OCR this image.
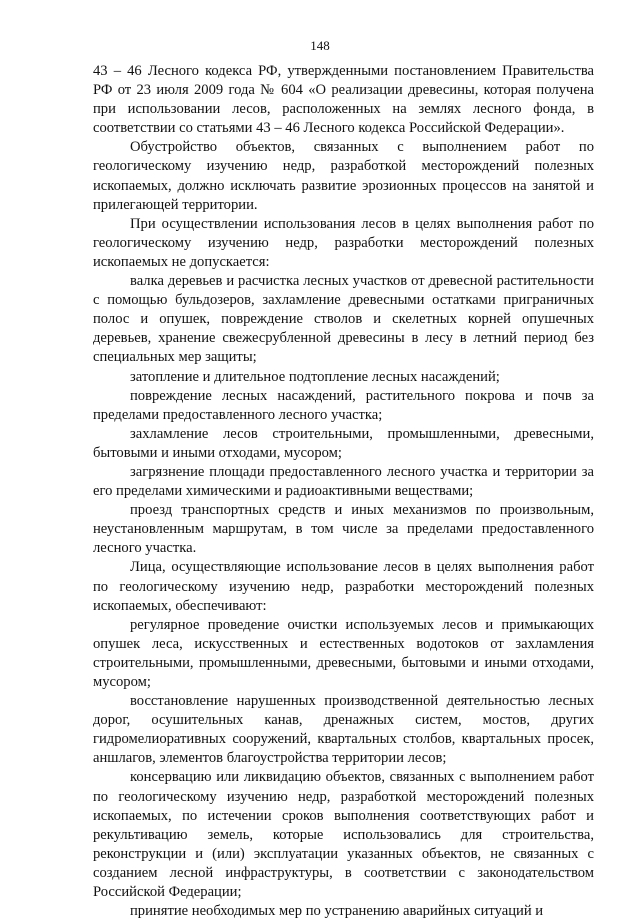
148

43 – 46 Лесного кодекса РФ, утвержденными постановлением Правительства РФ от 23 июля 2009 года № 604 «О реализации древесины, которая получена при использовании лесов, расположенных на землях лесного фонда, в соответствии со статьями 43 – 46 Лесного кодекса Российской Федерации».

Обустройство объектов, связанных с выполнением работ по геологическому изучению недр, разработкой месторождений полезных ископаемых, должно исключать развитие эрозионных процессов на занятой и прилегающей территории.

При осуществлении использования лесов в целях выполнения работ по геологическому изучению недр, разработки месторождений полезных ископаемых не допускается:

валка деревьев и расчистка лесных участков от древесной растительности с помощью бульдозеров, захламление древесными остатками приграничных полос и опушек, повреждение стволов и скелетных корней опушечных деревьев, хранение свежесрубленной древесины в лесу в летний период без специальных мер защиты;

затопление и длительное подтопление лесных насаждений;

повреждение лесных насаждений, растительного покрова и почв за пределами предоставленного лесного участка;

захламление лесов строительными, промышленными, древесными, бытовыми и иными отходами, мусором;

загрязнение площади предоставленного лесного участка и территории за его пределами химическими и радиоактивными веществами;

проезд транспортных средств и иных механизмов по произвольным, неустановленным маршрутам, в том числе за пределами предоставленного лесного участка.

Лица, осуществляющие использование лесов в целях выполнения работ по геологическому изучению недр, разработки месторождений полезных ископаемых, обеспечивают:

регулярное проведение очистки используемых лесов и примыкающих опушек леса, искусственных и естественных водотоков от захламления строительными, промышленными, древесными, бытовыми и иными отходами, мусором;

восстановление нарушенных производственной деятельностью лесных дорог, осушительных канав, дренажных систем, мостов, других гидромелиоративных сооружений, квартальных столбов, квартальных просек, аншлагов, элементов благоустройства территории лесов;

консервацию или ликвидацию объектов, связанных с выполнением работ по геологическому изучению недр, разработкой месторождений полезных ископаемых, по истечении сроков выполнения соответствующих работ и рекультивацию земель, которые использовались для строительства, реконструкции и (или) эксплуатации указанных объектов, не связанных с созданием лесной инфраструктуры, в соответствии с законодательством Российской Федерации;

принятие необходимых мер по устранению аварийных ситуаций и
